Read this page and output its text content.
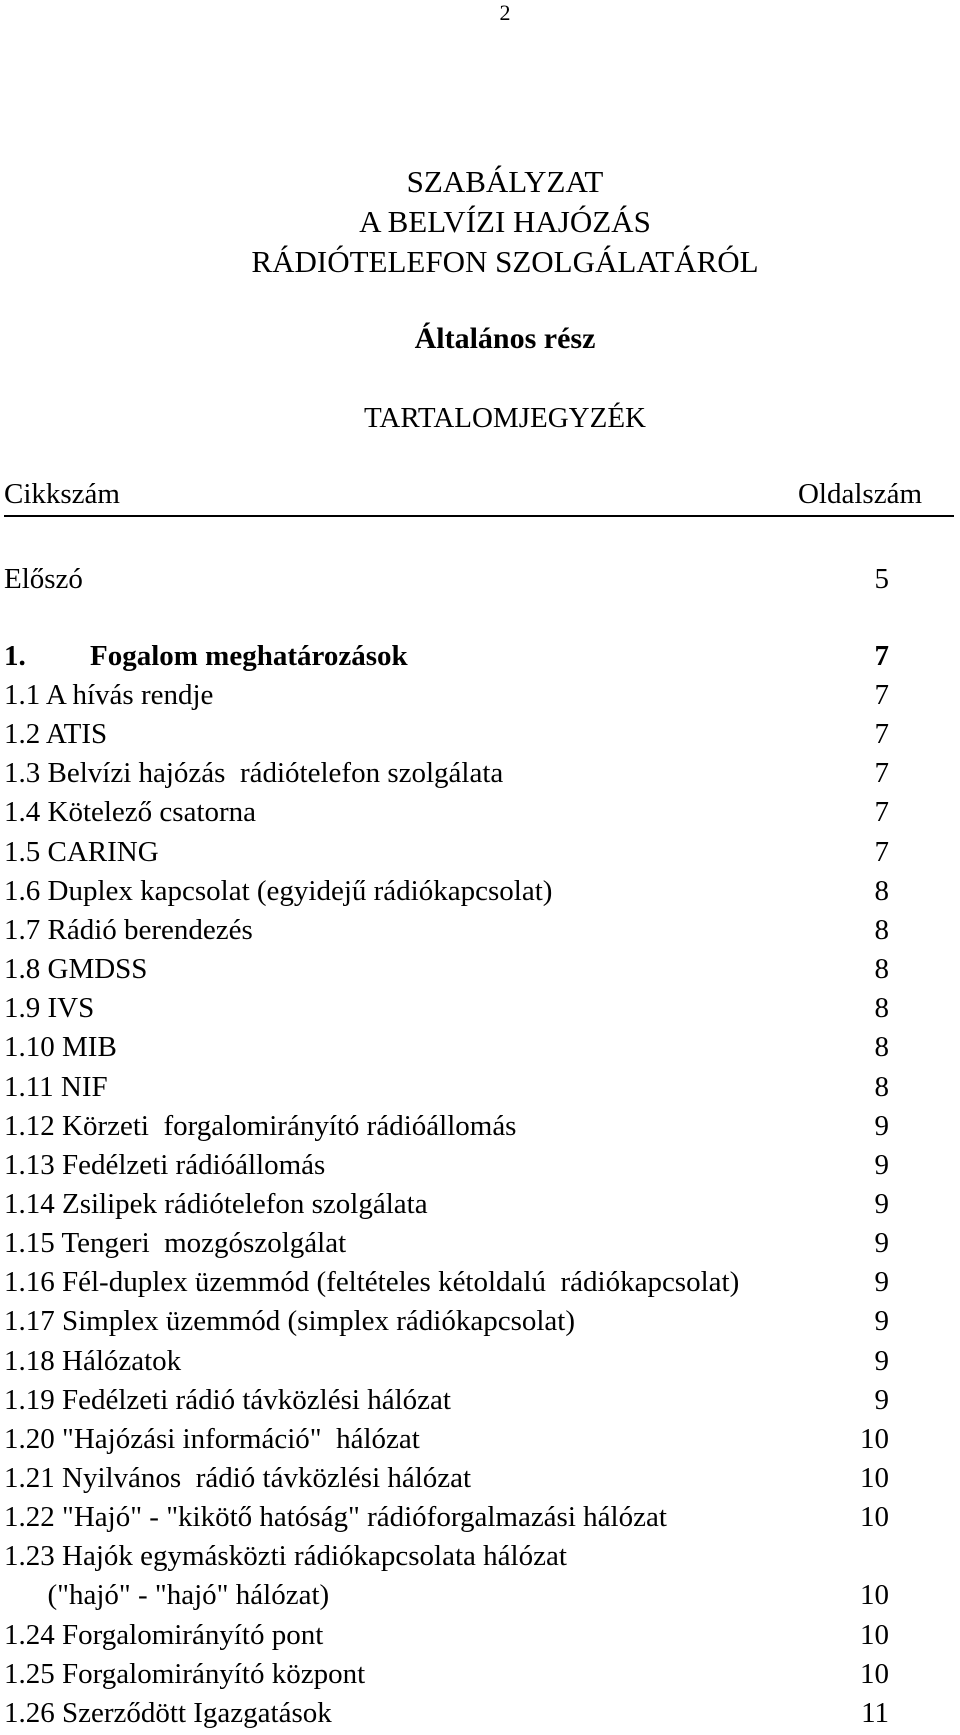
2
SZABÁLYZAT
A BELVÍZI HAJÓZÁS
RÁDIÓTELEFON SZOLGÁLATÁRÓL
Általános rész
TARTALOMJEGYZÉK
Cikkszám	Oldalszám
Előszó	5
1. Fogalom meghatározások	7
1.1 A hívás rendje	7
1.2 ATIS	7
1.3 Belvízi hajózás  rádiótelefon szolgálata	7
1.4 Kötelező csatorna	7
1.5 CARING	7
1.6 Duplex kapcsolat (egyidejű rádiókapcsolat)	8
1.7 Rádió berendezés	8
1.8 GMDSS	8
1.9 IVS	8
1.10 MIB	8
1.11 NIF	8
1.12 Körzeti  forgalomirányító rádióállomás	9
1.13 Fedélzeti rádióállomás	9
1.14 Zsilipek rádiótelefon szolgálata	9
1.15 Tengeri  mozgószolgálat	9
1.16 Fél-duplex üzemmód (feltételes kétoldalú  rádiókapcsolat)	9
1.17 Simplex üzemmód (simplex rádiókapcsolat)	9
1.18 Hálózatok	9
1.19 Fedélzeti rádió távközlési hálózat	9
1.20 "Hajózási információ"  hálózat	10
1.21 Nyilvános  rádió távközlési hálózat	10
1.22 "Hajó" - "kikötő hatóság" rádióforgalmazási hálózat	10
1.23 Hajók egymásközti rádiókapcsolata hálózat
("hajó" - "hajó" hálózat)	10
1.24 Forgalomirányító pont	10
1.25 Forgalomirányító központ	10
1.26 Szerződött Igazgatások	11
